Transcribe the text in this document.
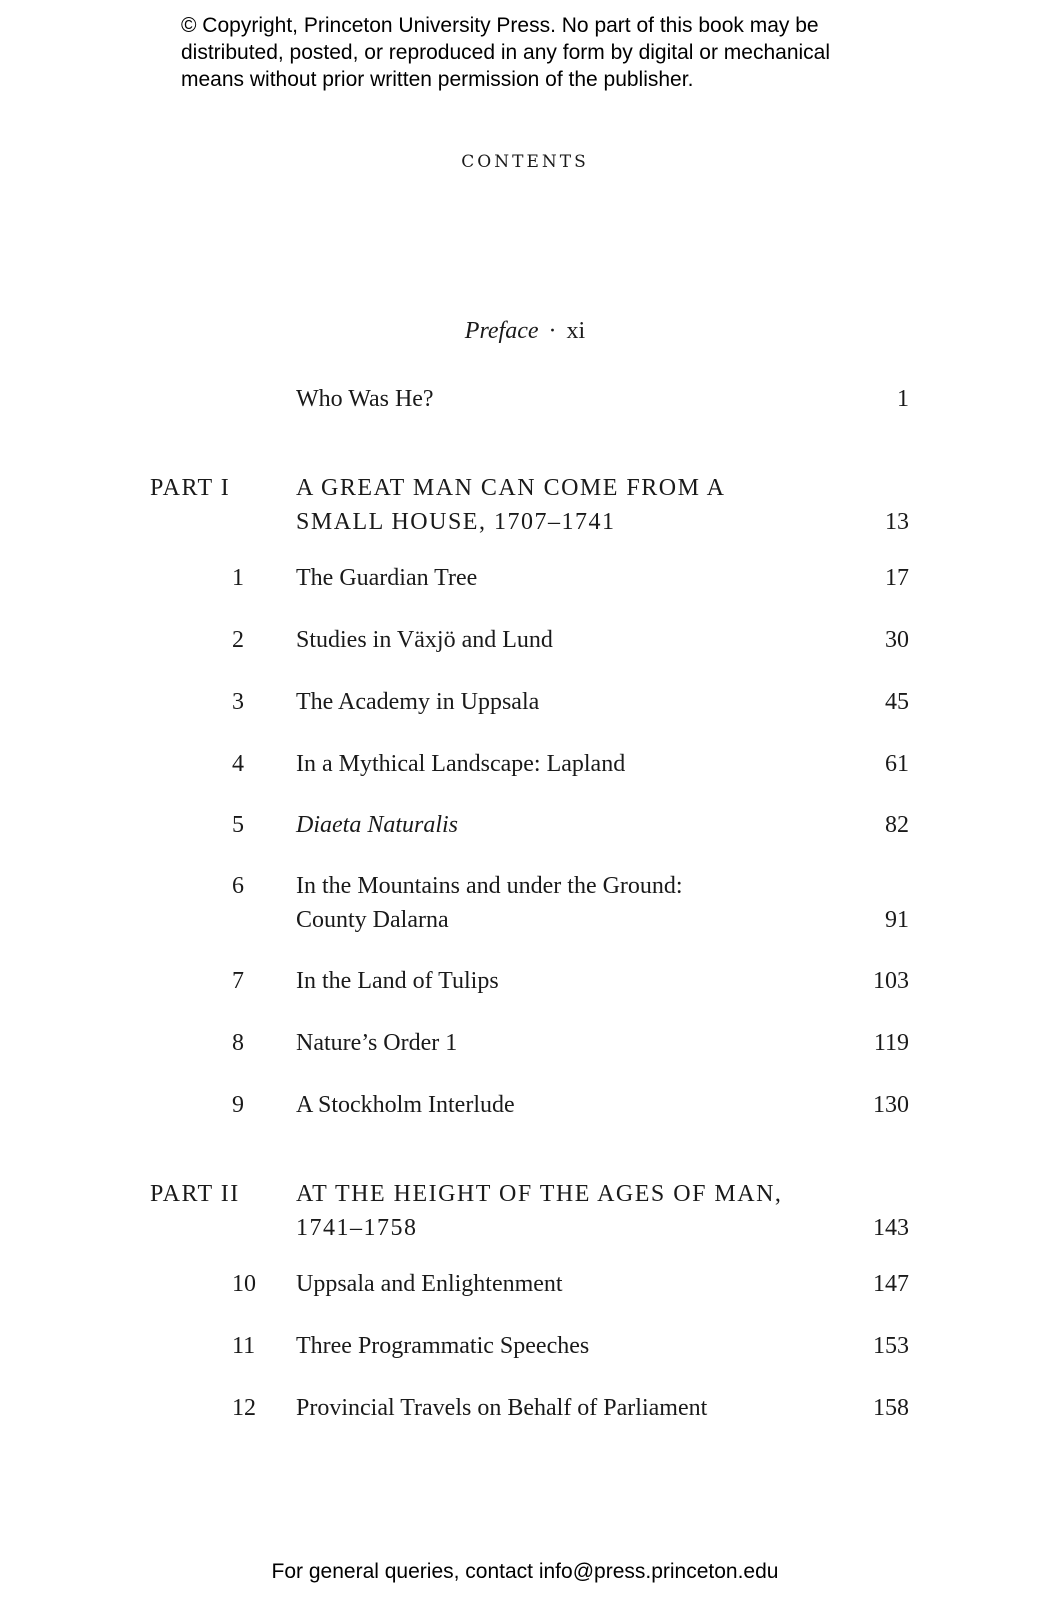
© Copyright, Princeton University Press. No part of this book may be
distributed, posted, or reproduced in any form by digital or mechanical
means without prior written permission of the publisher.
CONTENTS
Preface · xi
Who Was He?	1
PART I	A GREAT MAN CAN COME FROM A
SMALL HOUSE, 1707–1741	13
1 The Guardian Tree	17
2 Studies in Växjö and Lund	30
3 The Academy in Uppsala	45
4 In a Mythical Landscape: Lapland	61
5 Diaeta Naturalis	82
6 In the Mountains and under the Ground:
County Dalarna	91
7 In the Land of Tulips	103
8 Nature’s Order 1	119
9 A Stockholm Interlude	130
PART II AT THE HEIGHT OF THE AGES OF MAN,
1741–1758	143
10 Uppsala and Enlightenment	147
11 Three Programmatic Speeches	153
12 Provincial Travels on Behalf of Parliament	158
For general queries, contact info@press.princeton.edu
